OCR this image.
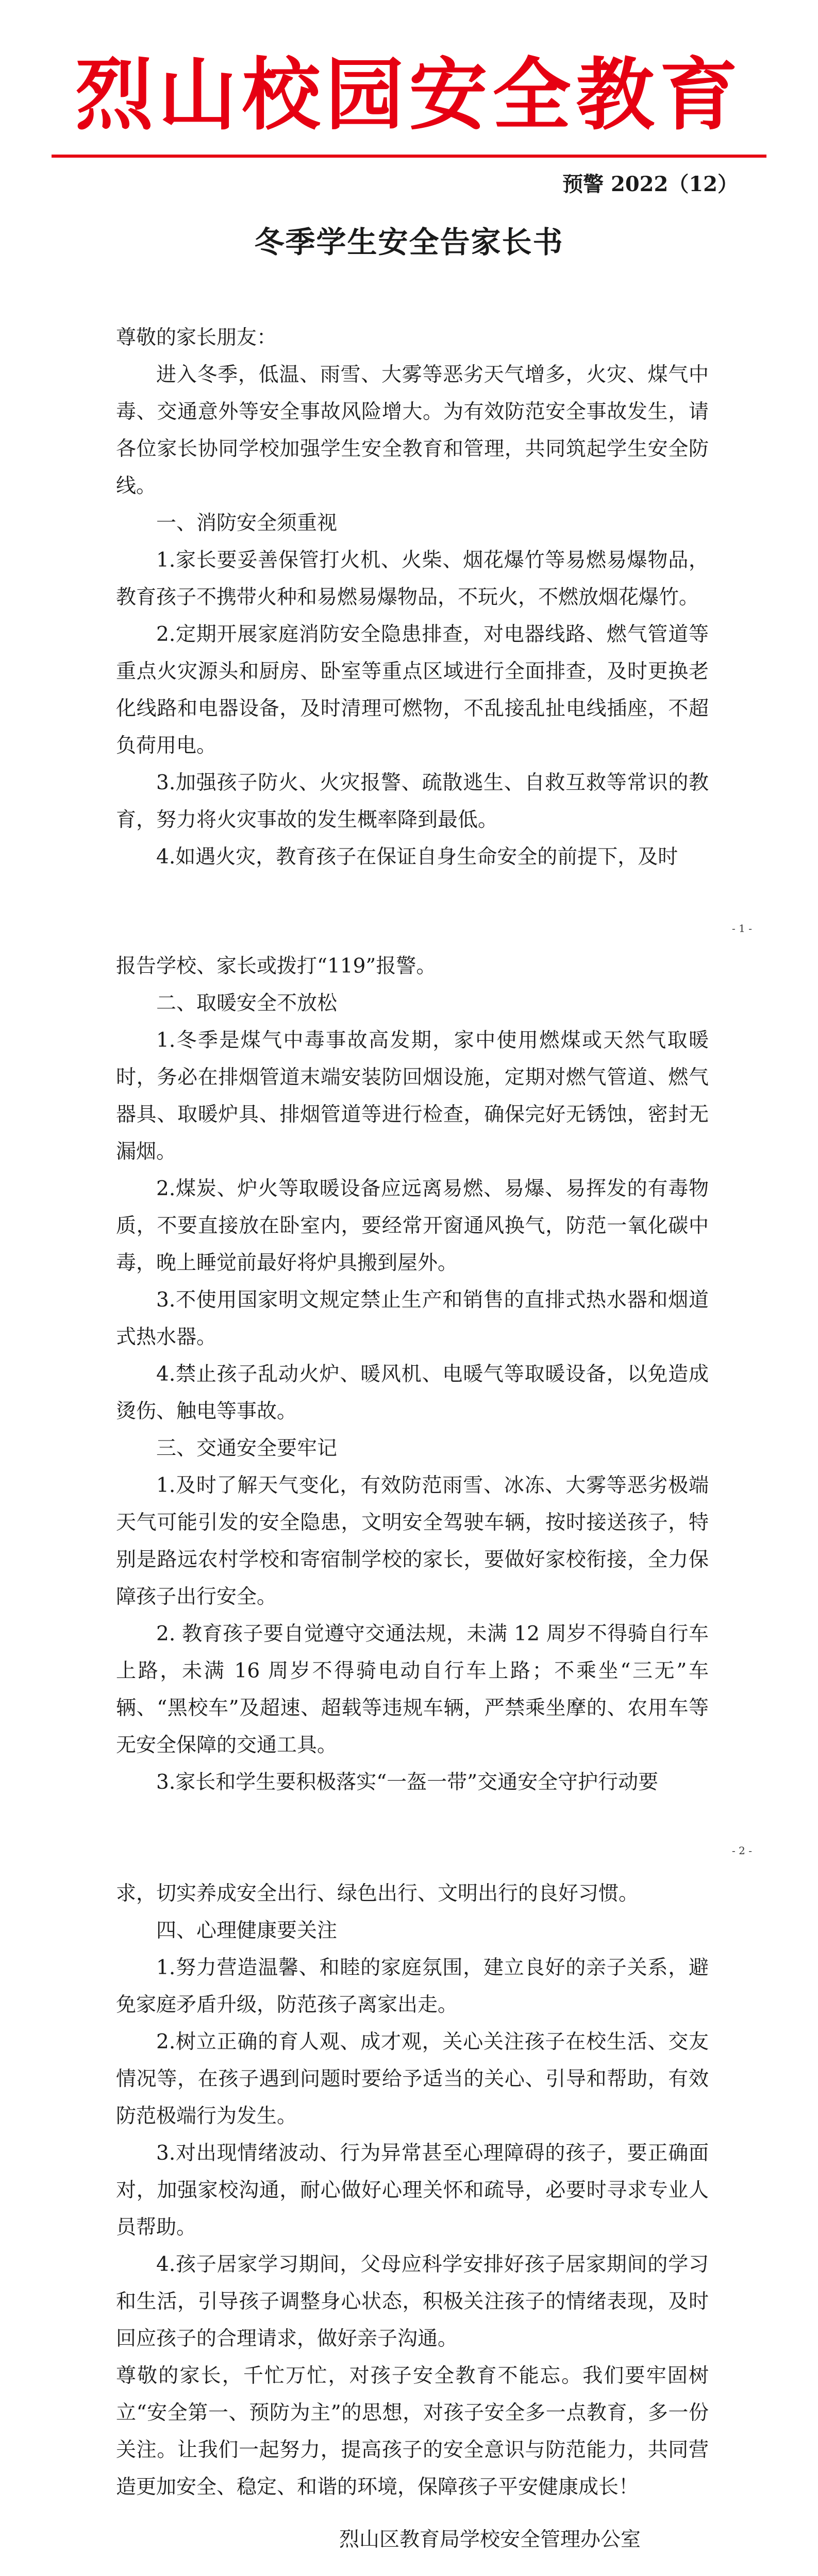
烈山校园安全教育
预警 2022（12）
冬季学生安全告家长书

尊敬的家长朋友：

进入冬季，低温、雨雪、大雾等恶劣天气增多，火灾、煤气中毒、交通意外等安全事故风险增大。为有效防范安全事故发生，请各位家长协同学校加强学生安全教育和管理，共同筑起学生安全防线。

一、消防安全须重视

1.家长要妥善保管打火机、火柴、烟花爆竹等易燃易爆物品，教育孩子不携带火种和易燃易爆物品，不玩火，不燃放烟花爆竹。

2.定期开展家庭消防安全隐患排查，对电器线路、燃气管道等重点火灾源头和厨房、卧室等重点区域进行全面排查，及时更换老化线路和电器设备，及时清理可燃物，不乱接乱扯电线插座，不超负荷用电。

3.加强孩子防火、火灾报警、疏散逃生、自救互救等常识的教育，努力将火灾事故的发生概率降到最低。

4.如遇火灾，教育孩子在保证自身生命安全的前提下，及时

- 1 -

报告学校、家长或拨打“119”报警。

二、取暖安全不放松

1.冬季是煤气中毒事故高发期，家中使用燃煤或天然气取暖时，务必在排烟管道末端安装防回烟设施，定期对燃气管道、燃气器具、取暖炉具、排烟管道等进行检查，确保完好无锈蚀，密封无漏烟。

2.煤炭、炉火等取暖设备应远离易燃、易爆、易挥发的有毒物质，不要直接放在卧室内，要经常开窗通风换气，防范一氧化碳中毒，晚上睡觉前最好将炉具搬到屋外。

3.不使用国家明文规定禁止生产和销售的直排式热水器和烟道式热水器。

4.禁止孩子乱动火炉、暖风机、电暖气等取暖设备，以免造成烫伤、触电等事故。

三、交通安全要牢记

1.及时了解天气变化，有效防范雨雪、冰冻、大雾等恶劣极端天气可能引发的安全隐患，文明安全驾驶车辆，按时接送孩子，特别是路远农村学校和寄宿制学校的家长，要做好家校衔接，全力保障孩子出行安全。

2. 教育孩子要自觉遵守交通法规，未满 12 周岁不得骑自行车上路，未满 16 周岁不得骑电动自行车上路；不乘坐“三无”车辆、“黑校车”及超速、超载等违规车辆，严禁乘坐摩的、农用车等无安全保障的交通工具。

3.家长和学生要积极落实“一盔一带”交通安全守护行动要

- 2 -

求，切实养成安全出行、绿色出行、文明出行的良好习惯。

四、心理健康要关注

1.努力营造温馨、和睦的家庭氛围，建立良好的亲子关系，避免家庭矛盾升级，防范孩子离家出走。

2.树立正确的育人观、成才观，关心关注孩子在校生活、交友情况等，在孩子遇到问题时要给予适当的关心、引导和帮助，有效防范极端行为发生。

3.对出现情绪波动、行为异常甚至心理障碍的孩子，要正确面对，加强家校沟通，耐心做好心理关怀和疏导，必要时寻求专业人员帮助。

4.孩子居家学习期间，父母应科学安排好孩子居家期间的学习和生活，引导孩子调整身心状态，积极关注孩子的情绪表现，及时回应孩子的合理请求，做好亲子沟通。

尊敬的家长，千忙万忙，对孩子安全教育不能忘。我们要牢固树立“安全第一、预防为主”的思想，对孩子安全多一点教育，多一份关注。让我们一起努力，提高孩子的安全意识与防范能力，共同营造更加安全、稳定、和谐的环境，保障孩子平安健康成长！

烈山区教育局学校安全管理办公室
